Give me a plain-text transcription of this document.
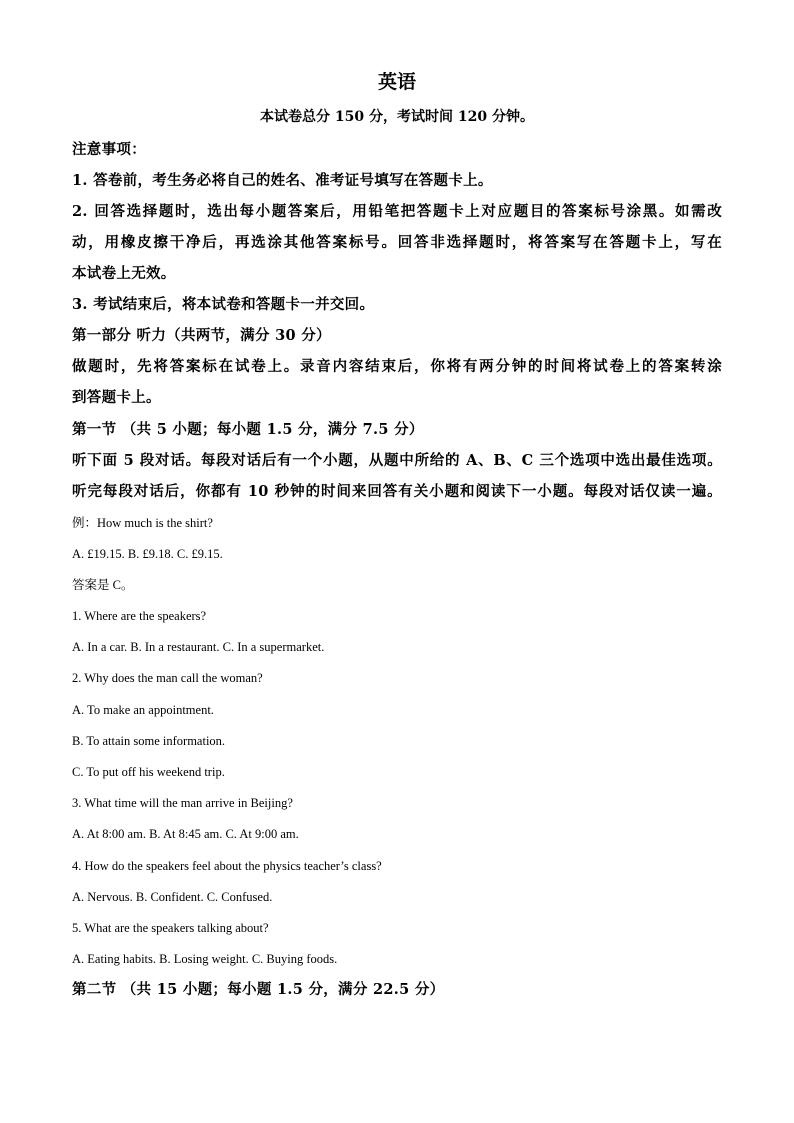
英语
本试卷总分 150 分，考试时间 120 分钟。
注意事项：
1. 答卷前，考生务必将自己的姓名、准考证号填写在答题卡上。
2. 回答选择题时，选出每小题答案后，用铅笔把答题卡上对应题目的答案标号涂黑。如需改
动，用橡皮擦干净后，再选涂其他答案标号。回答非选择题时，将答案写在答题卡上，写在
本试卷上无效。
3. 考试结束后，将本试卷和答题卡一并交回。
第一部分 听力（共两节，满分 30 分）
做题时，先将答案标在试卷上。录音内容结束后，你将有两分钟的时间将试卷上的答案转涂
到答题卡上。
第一节 （共 5 小题；每小题 1.5 分，满分 7.5 分）
听下面 5 段对话。每段对话后有一个小题，从题中所给的 A、B、C 三个选项中选出最佳选项。
听完每段对话后，你都有 10 秒钟的时间来回答有关小题和阅读下一小题。每段对话仅读一遍。
例：How much is the shirt?
A. £19.15. B. £9.18. C. £9.15.
答案是 C。
1. Where are the speakers?
A. In a car. B. In a restaurant. C. In a supermarket.
2. Why does the man call the woman?
A. To make an appointment.
B. To attain some information.
C. To put off his weekend trip.
3. What time will the man arrive in Beijing?
A. At 8:00 am. B. At 8:45 am. C. At 9:00 am.
4. How do the speakers feel about the physics teacher’s class?
A. Nervous. B. Confident. C. Confused.
5. What are the speakers talking about?
A. Eating habits. B. Losing weight. C. Buying foods.
第二节 （共 15 小题；每小题 1.5 分，满分 22.5 分）
